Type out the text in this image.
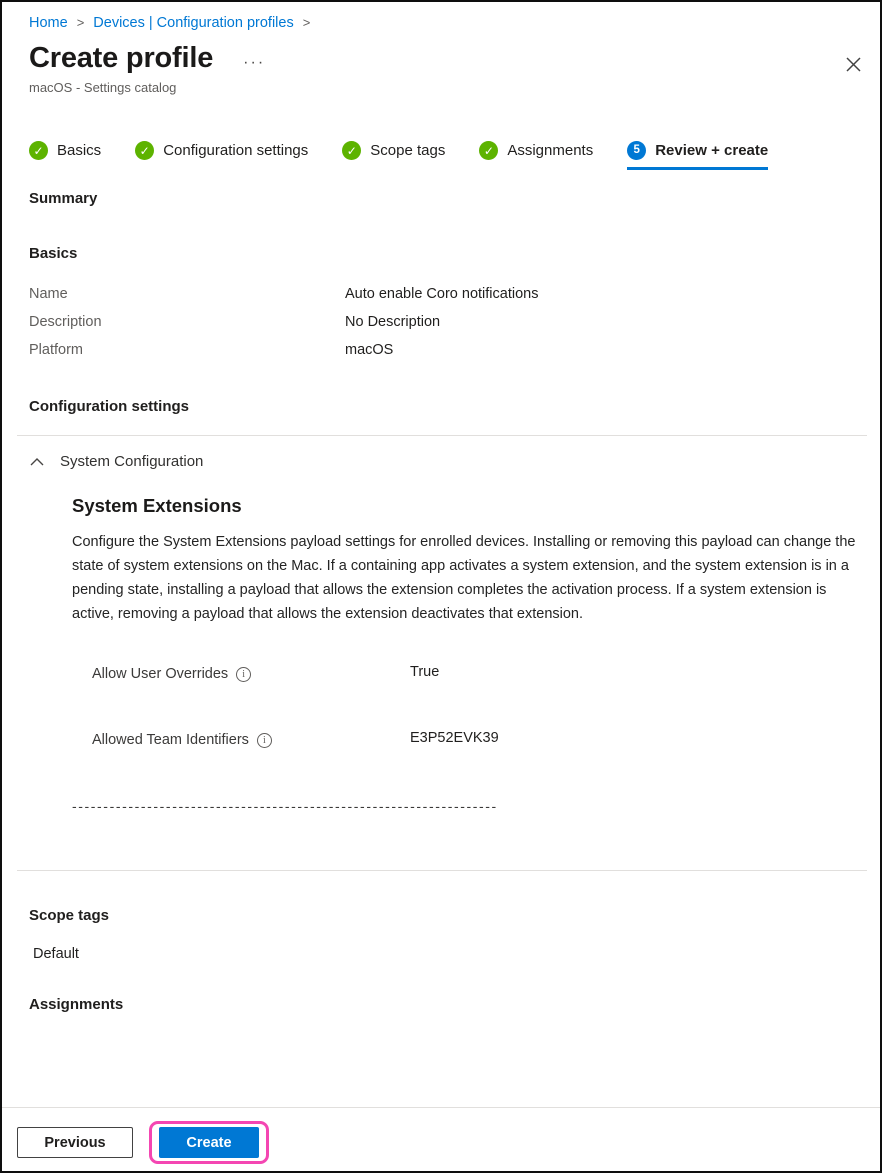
Home > Devices | Configuration profiles >
Create profile ···
macOS - Settings catalog
✓ Basics	✓ Configuration settings	✓ Scope tags	✓ Assignments	5	Review + create
Summary
Basics
Name	Auto enable Coro notifications
Description	No Description
Platform	macOS
Configuration settings
System Configuration
System Extensions

Configure the System Extensions payload settings for enrolled devices. Installing or removing this payload can change the state of system extensions on the Mac. If a containing app activates a system extension, and the system extension is in a pending state, installing a payload that allows the extension completes the activation process. If a system extension is active, removing a payload that allows the extension deactivates that extension.

Allow User Overrides	i	True
Allowed Team Identifiers	i	E3P52EVK39
--------------------------------------------------------------------
Scope tags
Default
Assignments
Previous	Create
